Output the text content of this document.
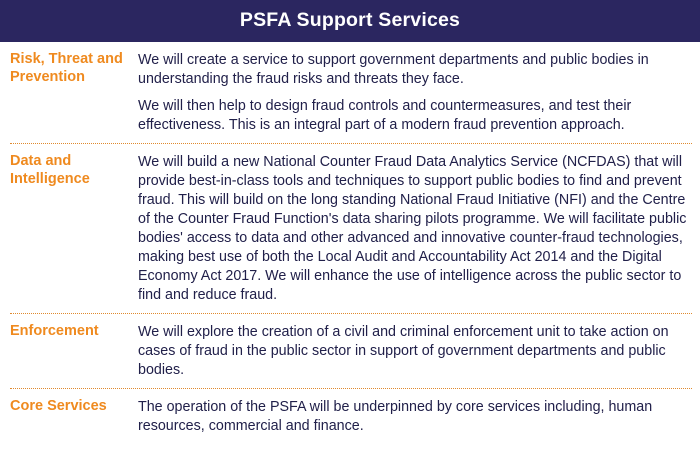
PSFA Support Services
Risk, Threat and Prevention

We will create a service to support government departments and public bodies in understanding the fraud risks and threats they face.

We will then help to design fraud controls and countermeasures, and test their effectiveness. This is an integral part of a modern fraud prevention approach.

Data and Intelligence

We will build a new National Counter Fraud Data Analytics Service (NCFDAS) that will provide best-in-class tools and techniques to support public bodies to find and prevent fraud. This will build on the long standing National Fraud Initiative (NFI) and the Centre of the Counter Fraud Function's data sharing pilots programme. We will facilitate public bodies' access to data and other advanced and innovative counter-fraud technologies, making best use of both the Local Audit and Accountability Act 2014 and the Digital Economy Act 2017. We will enhance the use of intelligence across the public sector to find and reduce fraud.

Enforcement	We will explore the creation of a civil and criminal enforcement unit to take action on cases of fraud in the public sector in support of government departments and public bodies.

Core Services	The operation of the PSFA will be underpinned by core services including, human resources, commercial and finance.
